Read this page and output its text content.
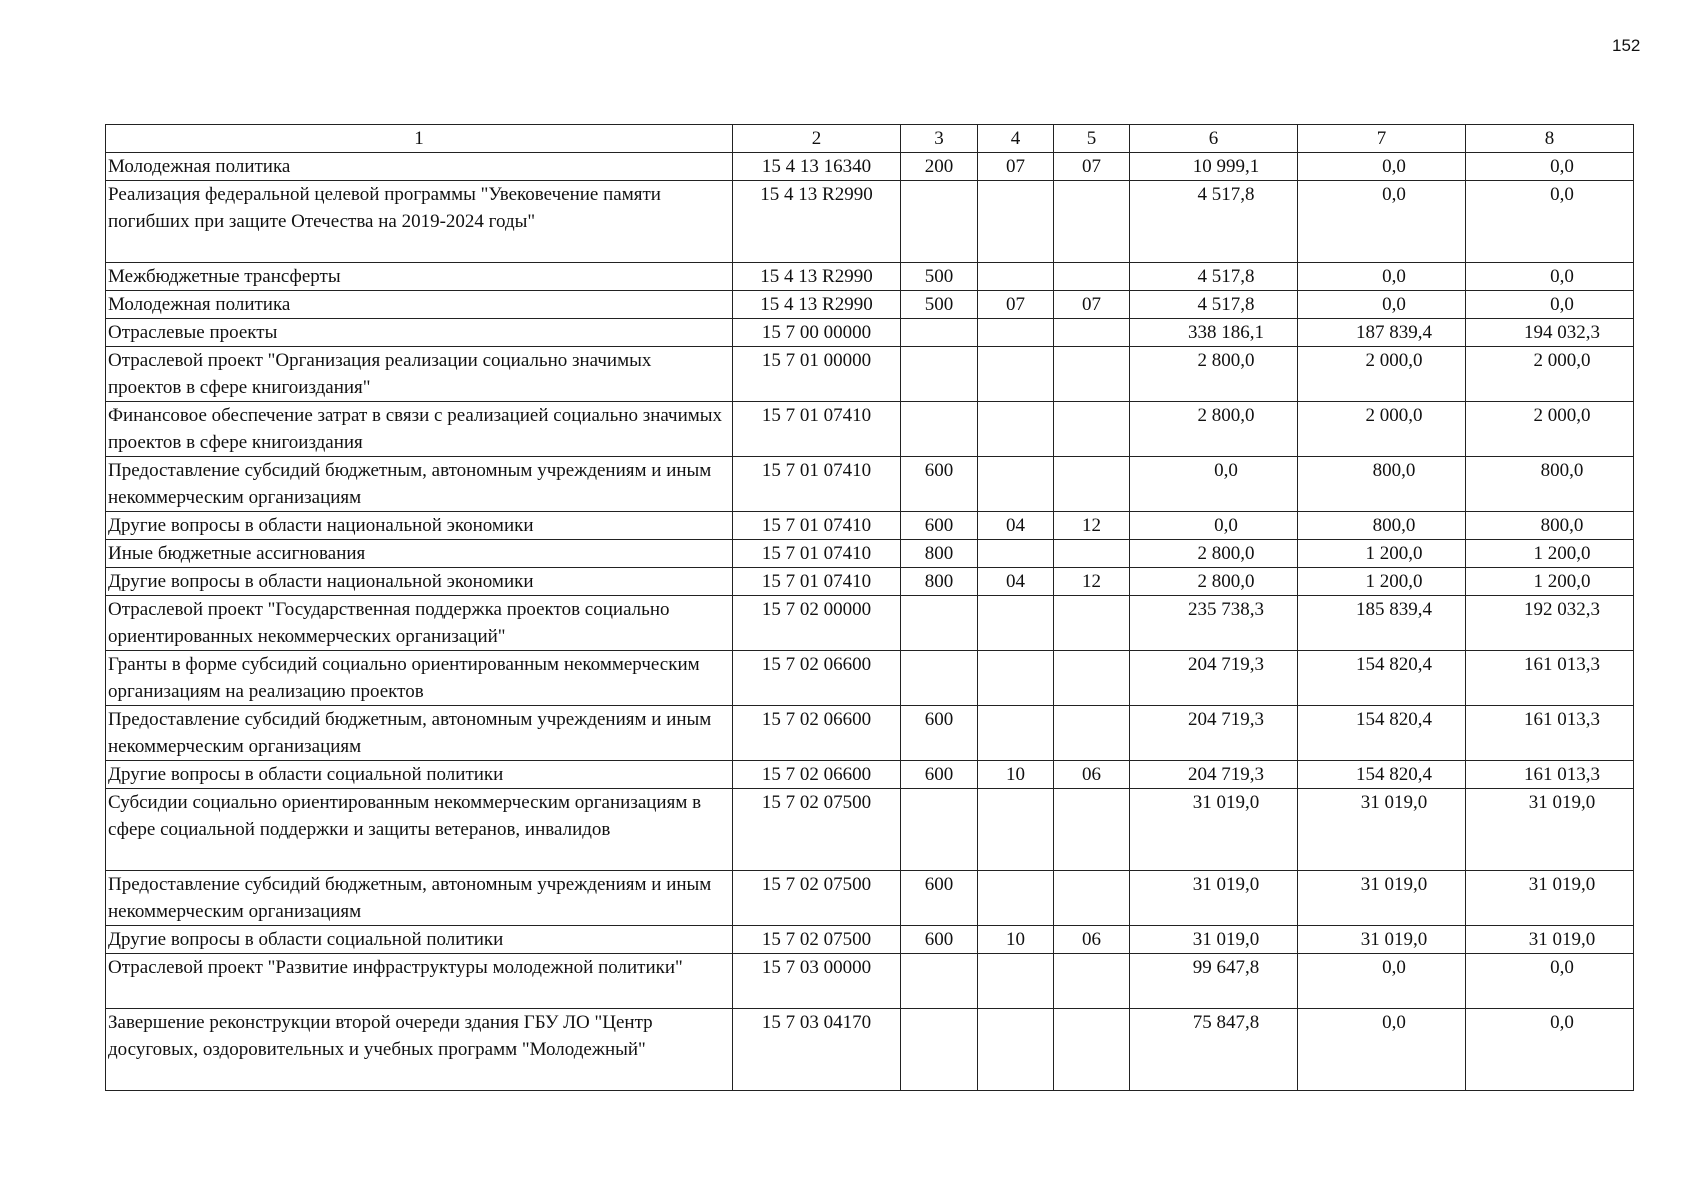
152
1	2	3	4	5	6	7	8
Молодежная политика	15 4 13 16340	200	07	07	10 999,1	0,0	0,0
Реализация федеральной целевой программы "Увековечение памяти погибших при защите Отечества на 2019-2024 годы"	15 4 13 R2990				4 517,8	0,0	0,0
Межбюджетные трансферты	15 4 13 R2990	500			4 517,8	0,0	0,0
Молодежная политика	15 4 13 R2990	500	07	07	4 517,8	0,0	0,0
Отраслевые проекты	15 7 00 00000				338 186,1	187 839,4	194 032,3
Отраслевой проект "Организация реализации социально значимых проектов в сфере книгоиздания"	15 7 01 00000				2 800,0	2 000,0	2 000,0
Финансовое обеспечение затрат в связи с реализацией социально значимых проектов в сфере книгоиздания	15 7 01 07410				2 800,0	2 000,0	2 000,0
Предоставление субсидий бюджетным, автономным учреждениям и иным некоммерческим организациям	15 7 01 07410	600			0,0	800,0	800,0
Другие вопросы в области национальной экономики	15 7 01 07410	600	04	12	0,0	800,0	800,0
Иные бюджетные ассигнования	15 7 01 07410	800			2 800,0	1 200,0	1 200,0
Другие вопросы в области национальной экономики	15 7 01 07410	800	04	12	2 800,0	1 200,0	1 200,0
Отраслевой проект "Государственная поддержка проектов социально ориентированных некоммерческих организаций"	15 7 02 00000				235 738,3	185 839,4	192 032,3
Гранты в форме субсидий социально ориентированным некоммерческим организациям на реализацию проектов	15 7 02 06600				204 719,3	154 820,4	161 013,3
Предоставление субсидий бюджетным, автономным учреждениям и иным некоммерческим организациям	15 7 02 06600	600			204 719,3	154 820,4	161 013,3
Другие вопросы в области социальной политики	15 7 02 06600	600	10	06	204 719,3	154 820,4	161 013,3
Субсидии социально ориентированным некоммерческим организациям в сфере социальной поддержки и защиты ветеранов, инвалидов	15 7 02 07500				31 019,0	31 019,0	31 019,0
Предоставление субсидий бюджетным, автономным учреждениям и иным некоммерческим организациям	15 7 02 07500	600			31 019,0	31 019,0	31 019,0
Другие вопросы в области социальной политики	15 7 02 07500	600	10	06	31 019,0	31 019,0	31 019,0
Отраслевой проект "Развитие инфраструктуры молодежной политики"	15 7 03 00000				99 647,8	0,0	0,0
Завершение реконструкции второй очереди здания ГБУ ЛО "Центр досуговых, оздоровительных и учебных программ "Молодежный"	15 7 03 04170				75 847,8	0,0	0,0
